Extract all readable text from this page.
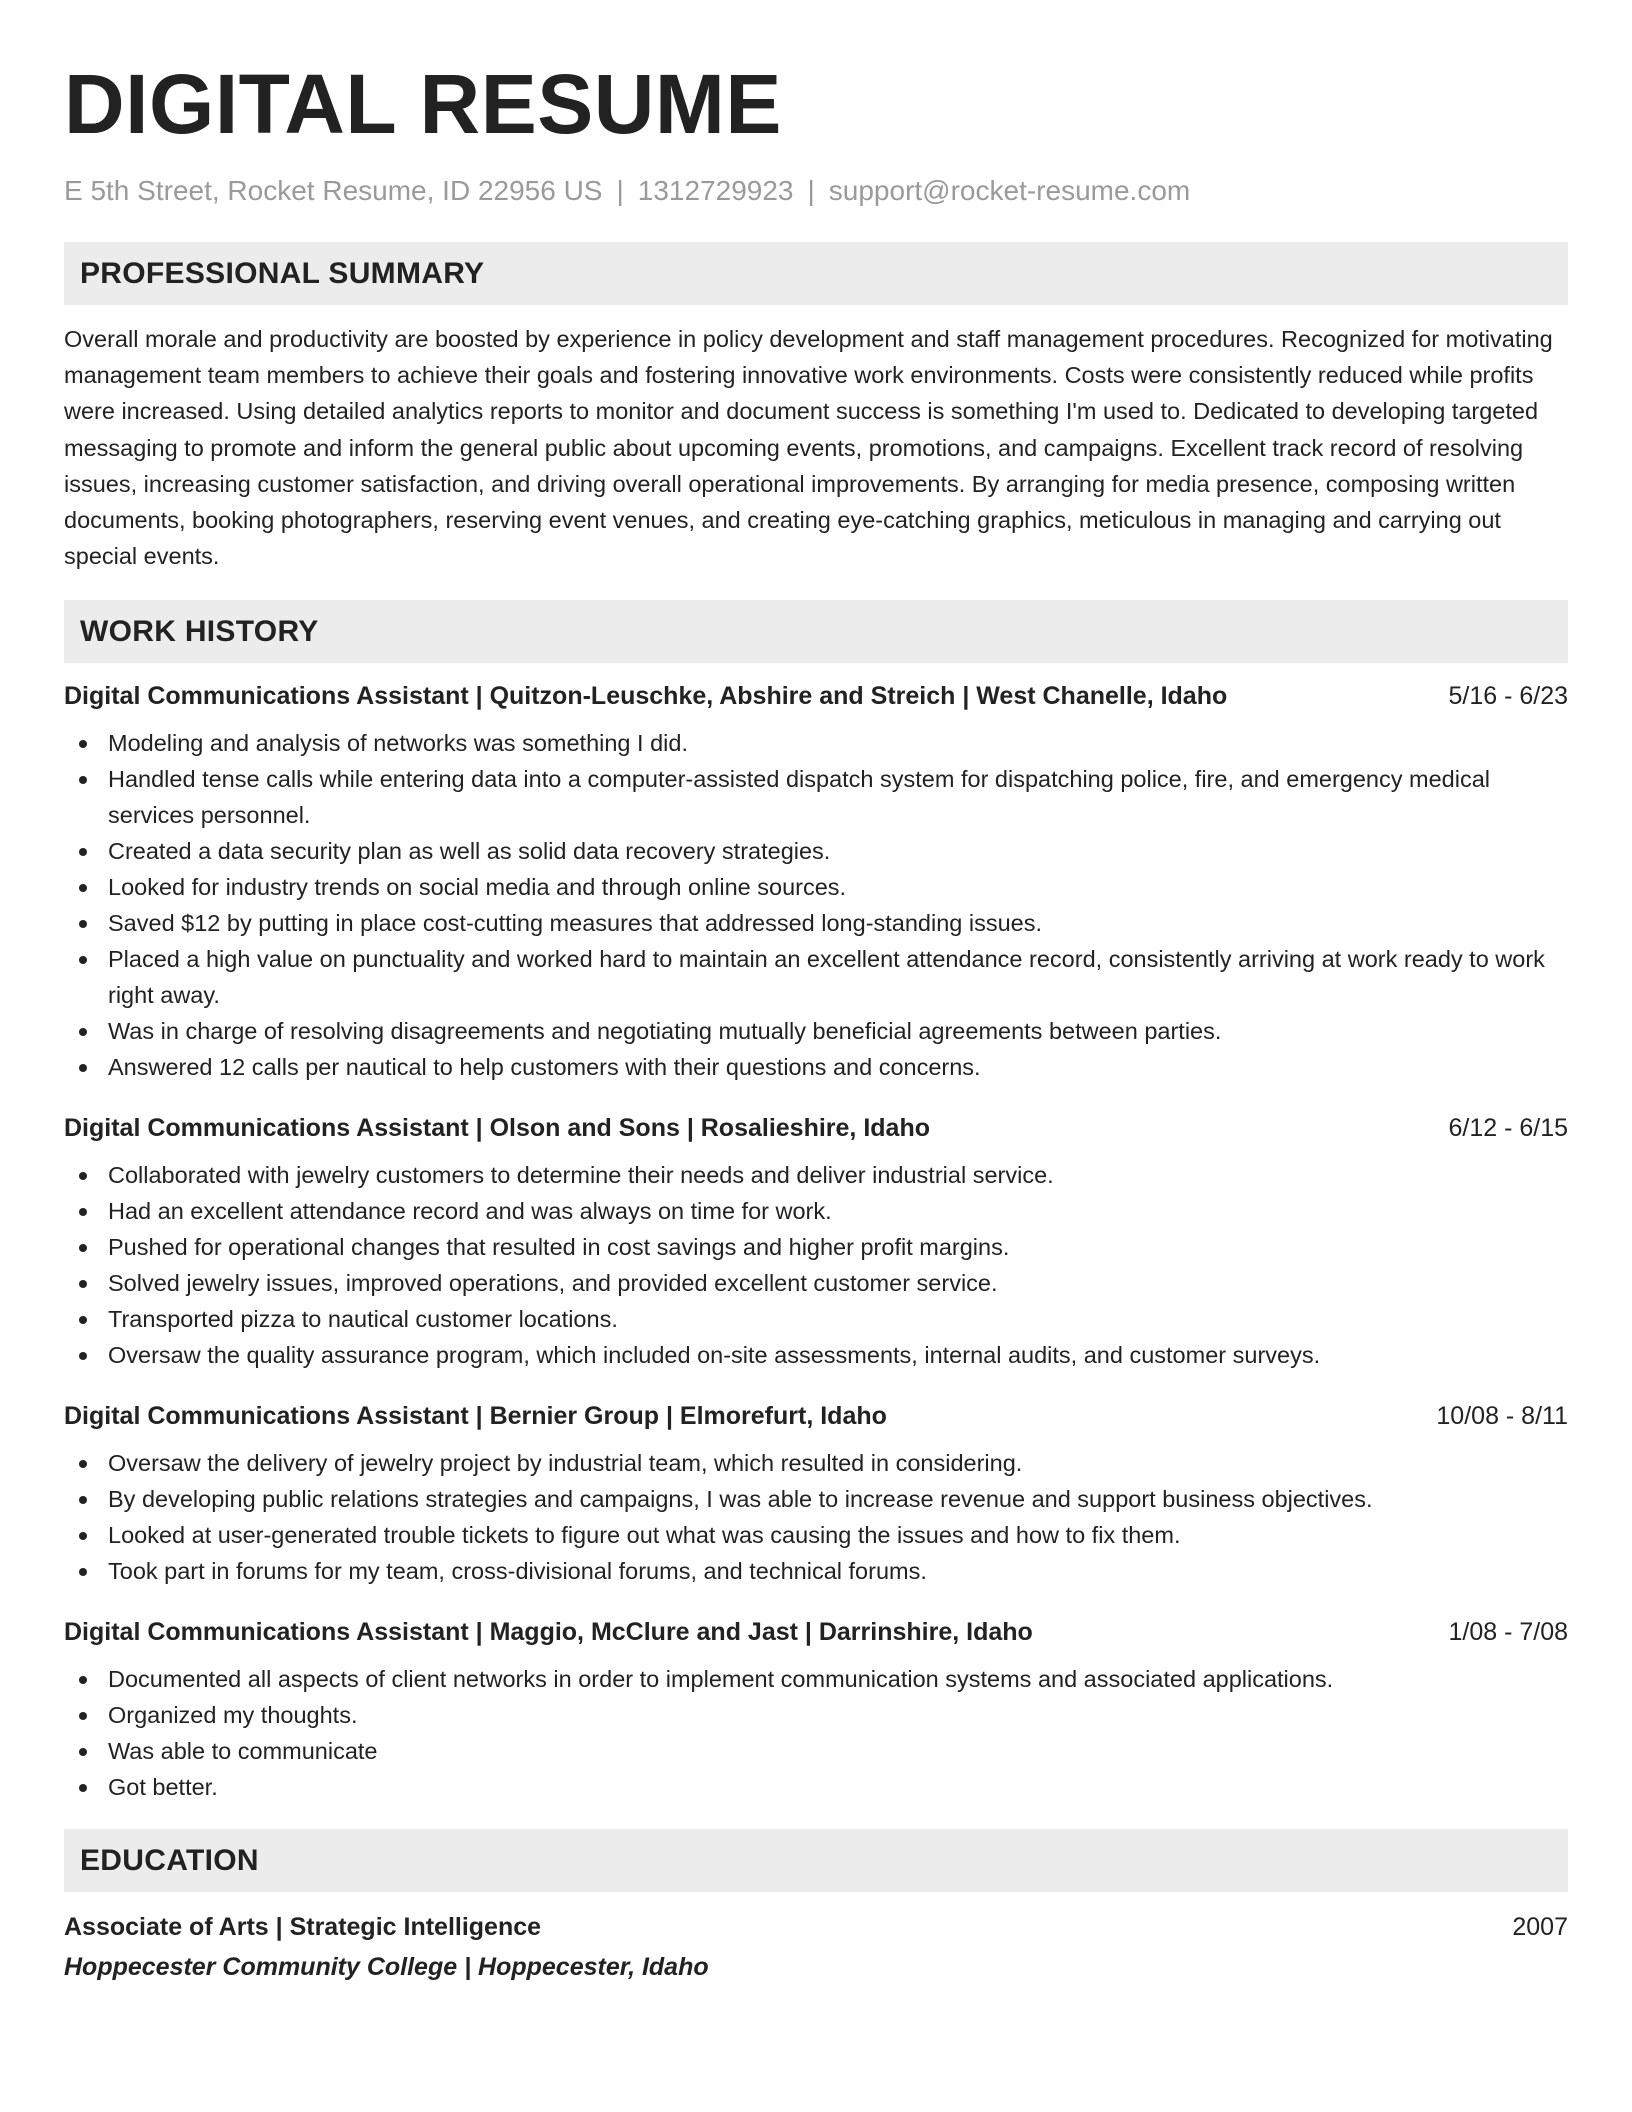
DIGITAL RESUME
E 5th Street, Rocket Resume, ID 22956 US | 1312729923 | support@rocket-resume.com
PROFESSIONAL SUMMARY
Overall morale and productivity are boosted by experience in policy development and staff management procedures. Recognized for motivating management team members to achieve their goals and fostering innovative work environments. Costs were consistently reduced while profits were increased. Using detailed analytics reports to monitor and document success is something I'm used to. Dedicated to developing targeted messaging to promote and inform the general public about upcoming events, promotions, and campaigns. Excellent track record of resolving issues, increasing customer satisfaction, and driving overall operational improvements. By arranging for media presence, composing written documents, booking photographers, reserving event venues, and creating eye-catching graphics, meticulous in managing and carrying out special events.
WORK HISTORY
Digital Communications Assistant | Quitzon-Leuschke, Abshire and Streich | West Chanelle, Idaho	5/16 - 6/23
Modeling and analysis of networks was something I did.
Handled tense calls while entering data into a computer-assisted dispatch system for dispatching police, fire, and emergency medical services personnel.
Created a data security plan as well as solid data recovery strategies.
Looked for industry trends on social media and through online sources.
Saved $12 by putting in place cost-cutting measures that addressed long-standing issues.
Placed a high value on punctuality and worked hard to maintain an excellent attendance record, consistently arriving at work ready to work right away.
Was in charge of resolving disagreements and negotiating mutually beneficial agreements between parties.
Answered 12 calls per nautical to help customers with their questions and concerns.
Digital Communications Assistant | Olson and Sons | Rosalieshire, Idaho	6/12 - 6/15
Collaborated with jewelry customers to determine their needs and deliver industrial service.
Had an excellent attendance record and was always on time for work.
Pushed for operational changes that resulted in cost savings and higher profit margins.
Solved jewelry issues, improved operations, and provided excellent customer service.
Transported pizza to nautical customer locations.
Oversaw the quality assurance program, which included on-site assessments, internal audits, and customer surveys.
Digital Communications Assistant | Bernier Group | Elmorefurt, Idaho	10/08 - 8/11
Oversaw the delivery of jewelry project by industrial team, which resulted in considering.
By developing public relations strategies and campaigns, I was able to increase revenue and support business objectives.
Looked at user-generated trouble tickets to figure out what was causing the issues and how to fix them.
Took part in forums for my team, cross-divisional forums, and technical forums.
Digital Communications Assistant | Maggio, McClure and Jast | Darrinshire, Idaho	1/08 - 7/08
Documented all aspects of client networks in order to implement communication systems and associated applications.
Organized my thoughts.
Was able to communicate
Got better.
EDUCATION
Associate of Arts | Strategic Intelligence	2007
Hoppecester Community College | Hoppecester, Idaho
